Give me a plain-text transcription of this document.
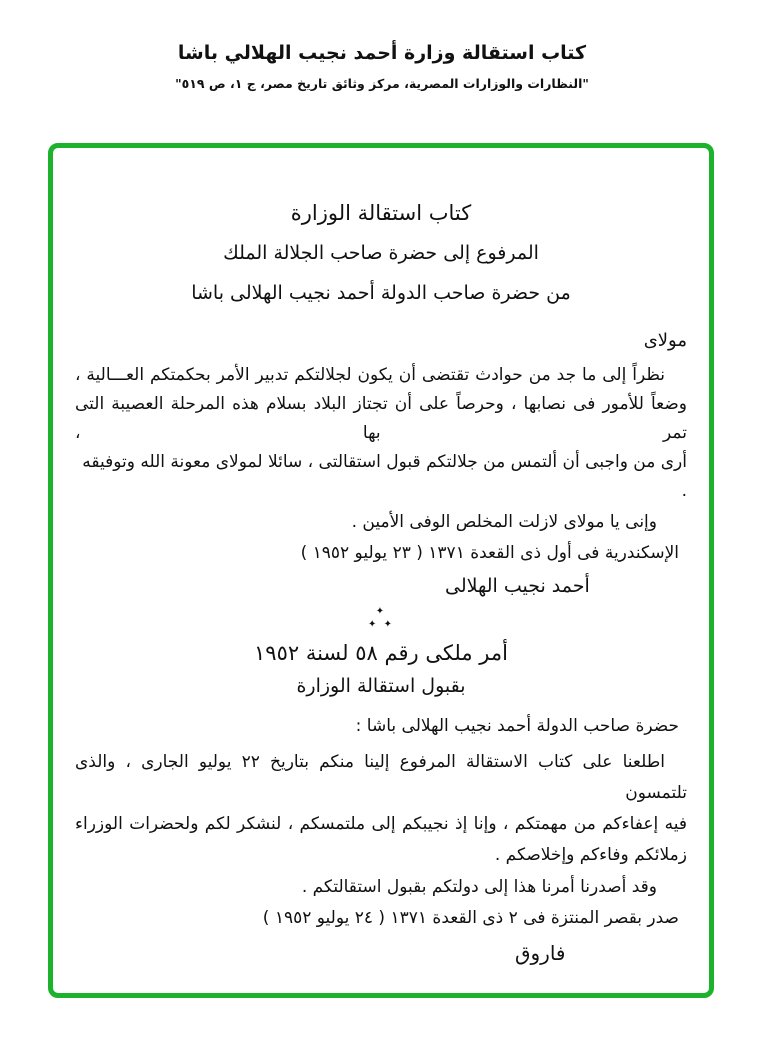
كتاب استقالة وزارة أحمد نجيب الهلالي باشا
"النظارات والوزارات المصرية، مركز وثائق تاريخ مصر، ج ١، ص ٥١٩"
كتاب استقالة الوزارة
المرفوع إلى حضرة صاحب الجلالة الملك
من حضرة صاحب الدولة أحمد نجيب الهلالى باشا
مولاى
نظراً إلى ما جد من حوادث تقتضى أن يكون لجلالتكم تدبير الأمر بحكمتكم العـــالية ،
وضعاً للأمور فى نصابها ، وحرصاً على أن تجتاز البلاد بسلام هذه المرحلة العصيبة التى تمر بها ،
أرى من واجبى أن ألتمس من جلالتكم قبول استقالتى ، سائلا لمولاى معونة الله وتوفيقه .
وإنى يا مولاى لازلت المخلص الوفى الأمين .
الإسكندرية فى أول ذى القعدة ١٣٧١ ( ٢٣ يوليو ١٩٥٢ )
أحمد نجيب الهلالى
✦
✦ ✦
أمر ملكى رقم ٥٨ لسنة ١٩٥٢
بقبول استقالة الوزارة
حضرة صاحب الدولة أحمد نجيب الهلالى باشا :
اطلعنا على كتاب الاستقالة المرفوع إلينا منكم بتاريخ ٢٢ يوليو الجارى ، والذى تلتمسون
فيه إعفاءكم من مهمتكم ، وإنا إذ نجيبكم إلى ملتمسكم ، لنشكر لكم ولحضرات الوزراء
زملائكم وفاءكم وإخلاصكم .
وقد أصدرنا أمرنا هذا إلى دولتكم بقبول استقالتكم .
صدر بقصر المنتزة فى ٢ ذى القعدة ١٣٧١ ( ٢٤ يوليو ١٩٥٢ )
فاروق
